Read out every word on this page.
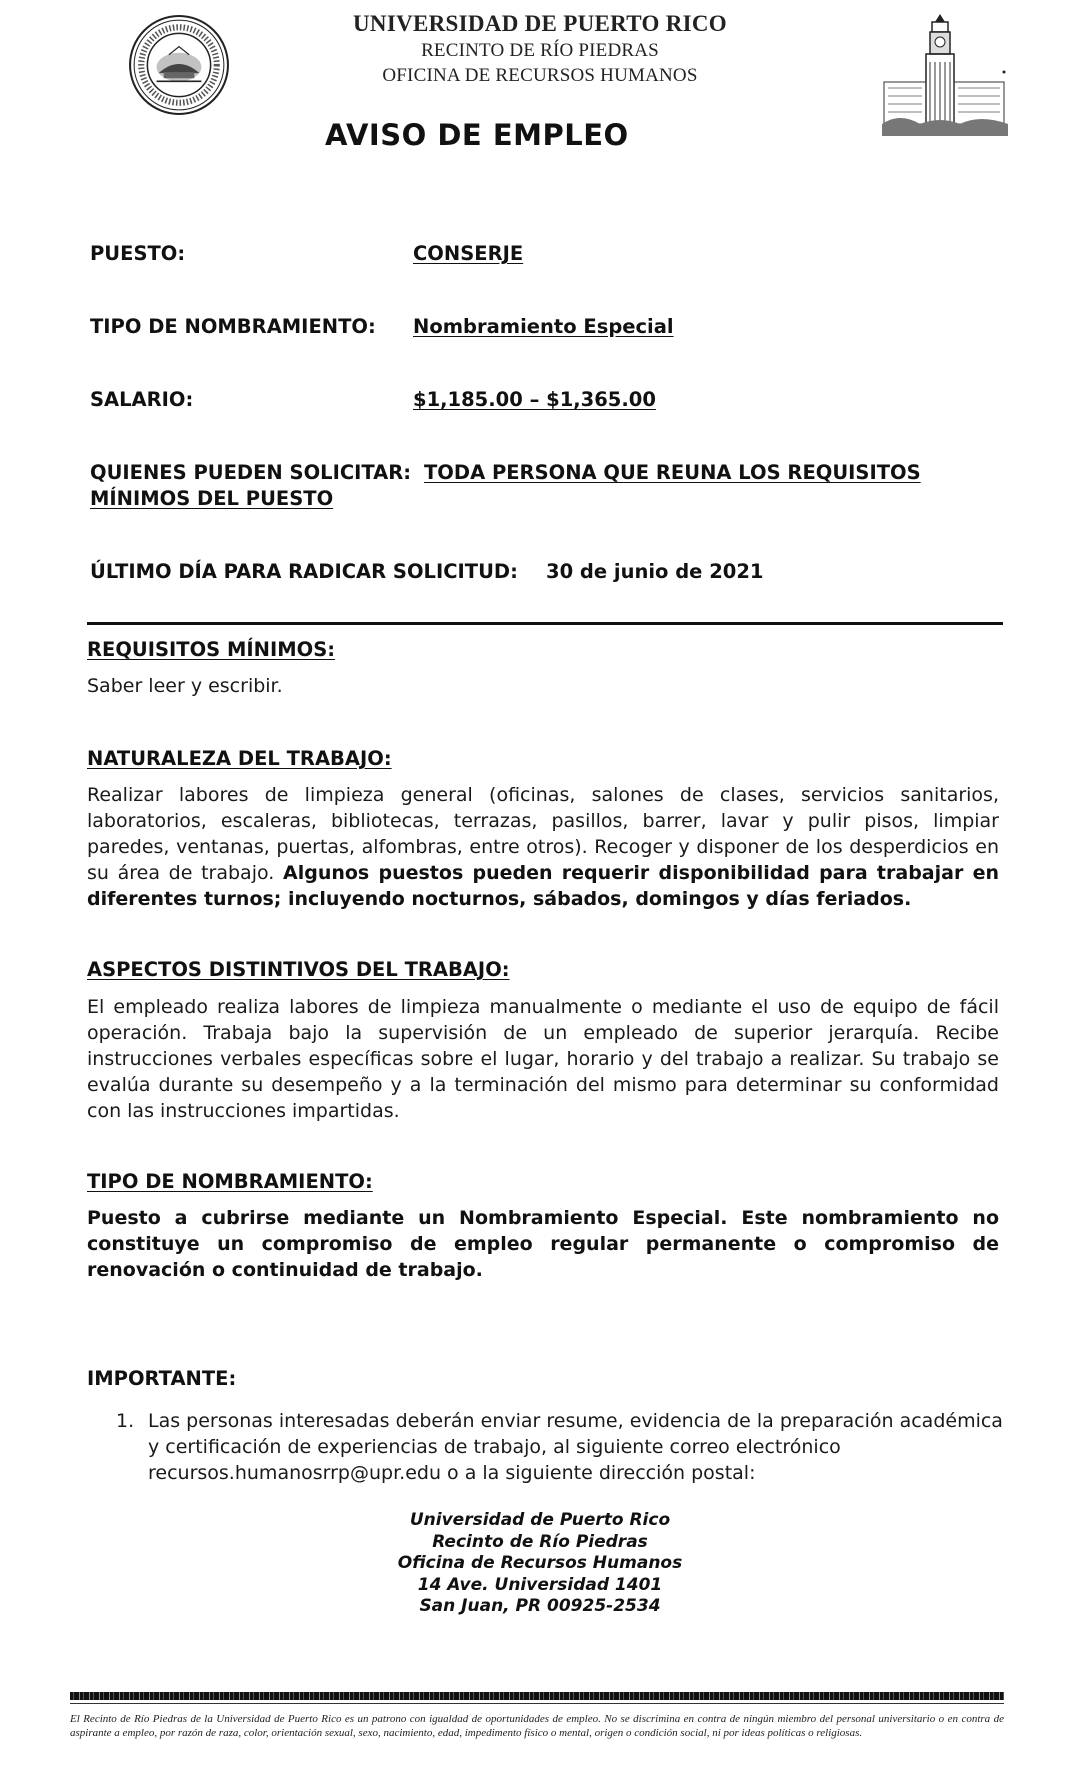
UNIVERSIDAD DE PUERTO RICO
RECINTO DE RÍO PIEDRAS
OFICINA DE RECURSOS HUMANOS
AVISO DE EMPLEO
PUESTO:	CONSERJE
TIPO DE NOMBRAMIENTO: Nombramiento Especial
SALARIO:	$1,185.00 – $1,365.00
QUIENES PUEDEN SOLICITAR: TODA PERSONA QUE REUNA LOS REQUISITOS
MÍNIMOS DEL PUESTO
ÚLTIMO DÍA PARA RADICAR SOLICITUD: 30 de junio de 2021
REQUISITOS MÍNIMOS:
Saber leer y escribir.
NATURALEZA DEL TRABAJO:
Realizar labores de limpieza general (oficinas, salones de clases, servicios sanitarios, laboratorios, escaleras, bibliotecas, terrazas, pasillos, barrer, lavar y pulir pisos, limpiar paredes, ventanas, puertas, alfombras, entre otros). Recoger y disponer de los desperdicios en su área de trabajo. Algunos puestos pueden requerir disponibilidad para trabajar en diferentes turnos; incluyendo nocturnos, sábados, domingos y días feriados.
ASPECTOS DISTINTIVOS DEL TRABAJO:
El empleado realiza labores de limpieza manualmente o mediante el uso de equipo de fácil operación. Trabaja bajo la supervisión de un empleado de superior jerarquía. Recibe instrucciones verbales específicas sobre el lugar, horario y del trabajo a realizar. Su trabajo se evalúa durante su desempeño y a la terminación del mismo para determinar su conformidad con las instrucciones impartidas.
TIPO DE NOMBRAMIENTO:
Puesto a cubrirse mediante un Nombramiento Especial. Este nombramiento no constituye un compromiso de empleo regular permanente o compromiso de renovación o continuidad de trabajo.
IMPORTANTE:
1. Las personas interesadas deberán enviar resume, evidencia de la preparación académica y certificación de experiencias de trabajo, al siguiente correo electrónico recursos.humanosrrp@upr.edu o a la siguiente dirección postal:
Universidad de Puerto Rico
Recinto de Río Piedras
Oficina de Recursos Humanos
14 Ave. Universidad 1401
San Juan, PR 00925-2534
El Recinto de Río Piedras de la Universidad de Puerto Rico es un patrono con igualdad de oportunidades de empleo. No se discrimina en contra de ningún miembro del personal universitario o en contra de aspirante a empleo, por razón de raza, color, orientación sexual, sexo, nacimiento, edad, impedimento físico o mental, origen o condición social, ni por ideas políticas o religiosas.
